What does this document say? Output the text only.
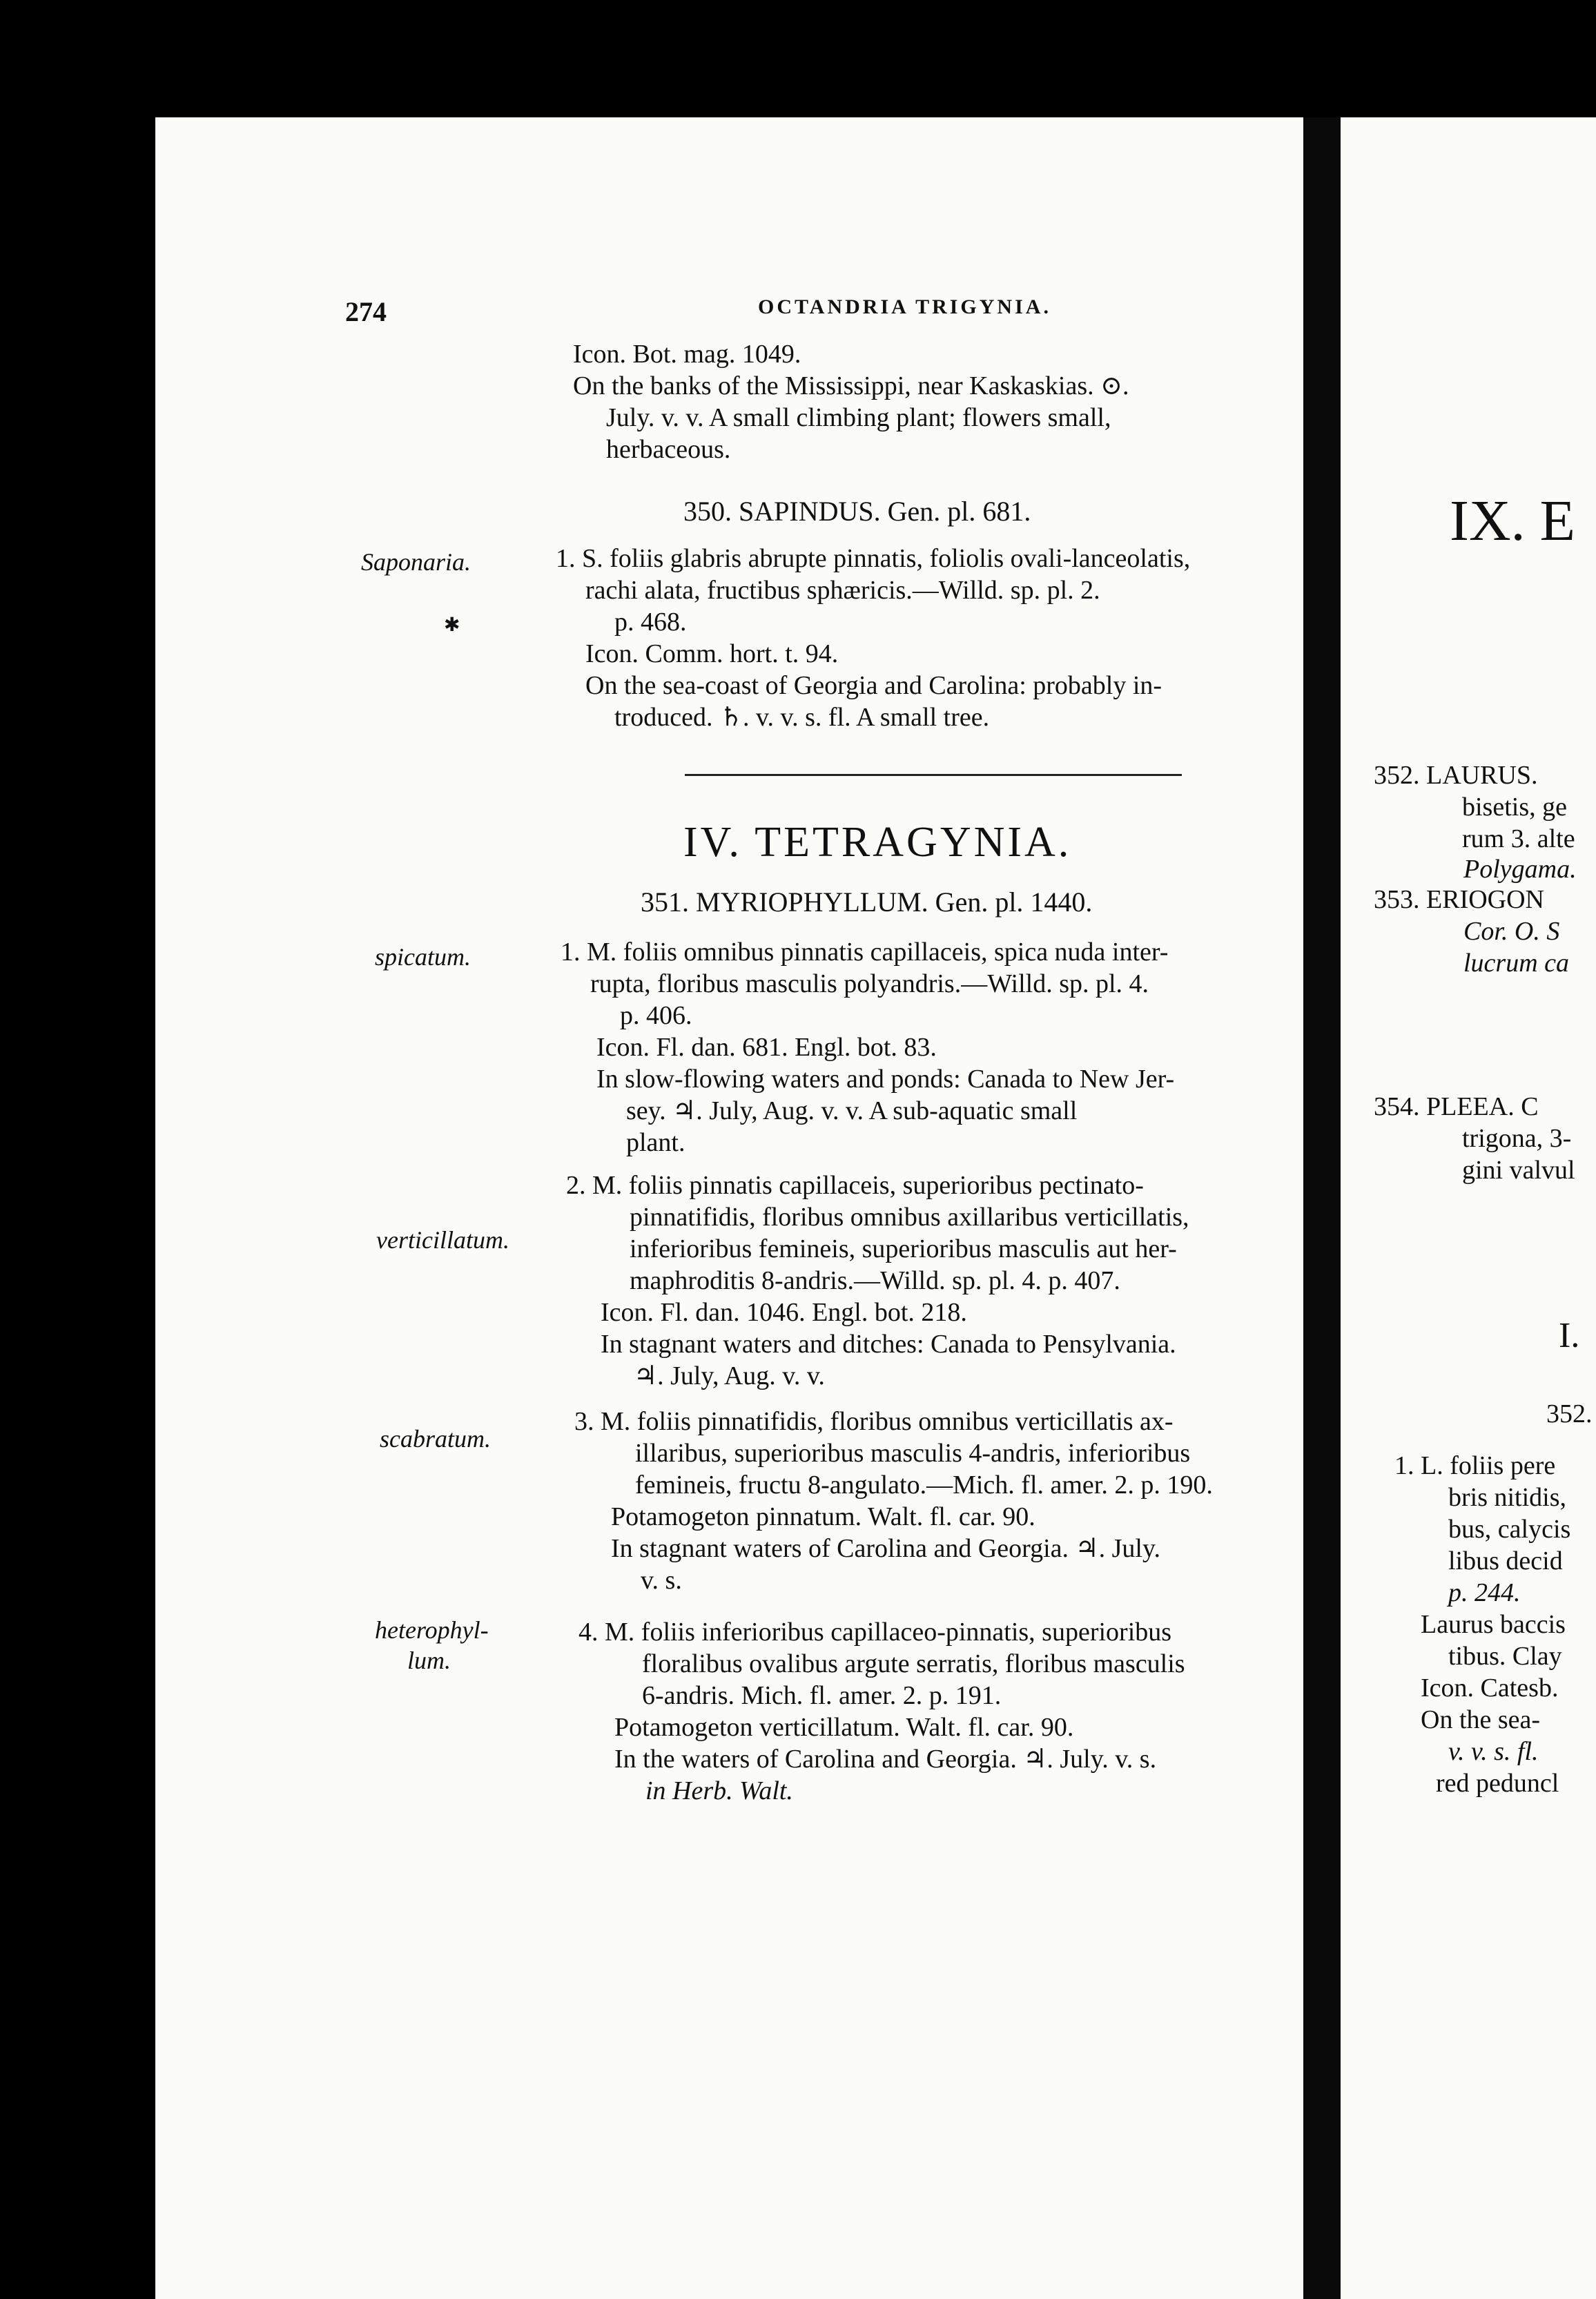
274	OCTANDRIA TRIGYNIA.
Icon. Bot. mag. 1049.
On the banks of the Mississippi, near Kaskaskias. ⊙.
July. v. v. A small climbing plant; flowers small,
herbaceous.
350. SAPINDUS. Gen. pl. 681.
Saponaria.
✱
1. S. foliis glabris abrupte pinnatis, foliolis ovali-lanceolatis,
rachi alata, fructibus sphæricis.—Willd. sp. pl. 2.
p. 468.
Icon. Comm. hort. t. 94.
On the sea-coast of Georgia and Carolina: probably in-
troduced. ♄. v. v. s. fl. A small tree.
IV. TETRAGYNIA.
351. MYRIOPHYLLUM. Gen. pl. 1440.
spicatum.	1. M. foliis omnibus pinnatis capillaceis, spica nuda inter-
rupta, floribus masculis polyandris.—Willd. sp. pl. 4.
p. 406.
Icon. Fl. dan. 681. Engl. bot. 83.
In slow-flowing waters and ponds: Canada to New Jer-
sey. ♃. July, Aug. v. v. A sub-aquatic small
plant.
verticillatum.
2. M. foliis pinnatis capillaceis, superioribus pectinato-
pinnatifidis, floribus omnibus axillaribus verticillatis,
inferioribus femineis, superioribus masculis aut her-
maphroditis 8-andris.—Willd. sp. pl. 4. p. 407.
Icon. Fl. dan. 1046. Engl. bot. 218.
In stagnant waters and ditches: Canada to Pensylvania.
♃. July, Aug. v. v.
scabratum.
3. M. foliis pinnatifidis, floribus omnibus verticillatis ax-
illaribus, superioribus masculis 4-andris, inferioribus
femineis, fructu 8-angulato.—Mich. fl. amer. 2. p. 190.
Potamogeton pinnatum. Walt. fl. car. 90.
In stagnant waters of Carolina and Georgia. ♃. July.
v. s.
heterophyl-
lum.
4. M. foliis inferioribus capillaceo-pinnatis, superioribus
floralibus ovalibus argute serratis, floribus masculis
6-andris. Mich. fl. amer. 2. p. 191.
Potamogeton verticillatum. Walt. fl. car. 90.
In the waters of Carolina and Georgia. ♃. July. v. s.
in Herb. Walt.
IX. E
352. LAURUS.
bisetis, ge
rum 3. alte
Polygama.
353. ERIOGON
Cor. O. S
lucrum ca
354. PLEEA. C
trigona, 3-
gini valvul
I.
352.
1. L. foliis pere
bris nitidis,
bus, calycis
libus decid
p. 244.
Laurus baccis
tibus. Clay
Icon. Catesb.
On the sea-
v. v. s. fl.
red peduncl
